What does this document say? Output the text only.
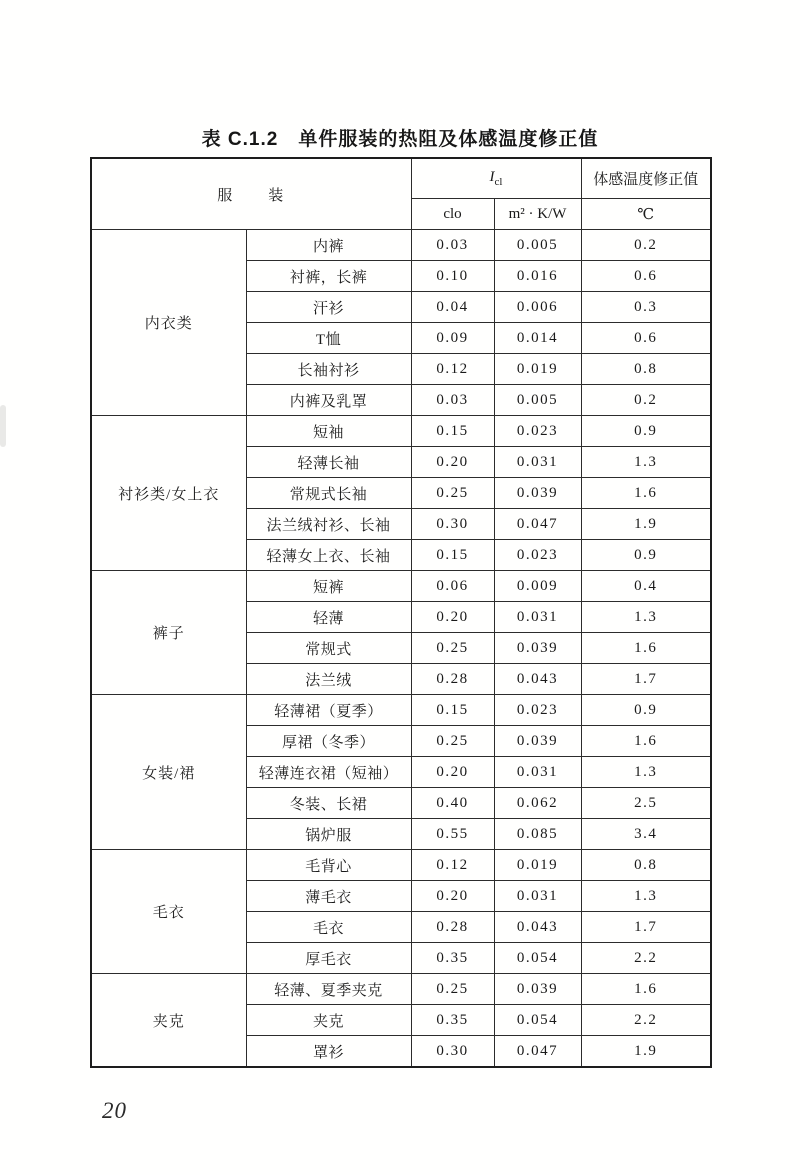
表 C.1.2　单件服装的热阻及体感温度修正值
服　　装		$I_{cl}$		体感温度修正值
		clo	m² · K/W	℃
内衣类	内裤	0.03	0.005	0.2
	衬裤，长裤	0.10	0.016	0.6
	汗衫	0.04	0.006	0.3
	T恤	0.09	0.014	0.6
	长袖衬衫	0.12	0.019	0.8
	内裤及乳罩	0.03	0.005	0.2
衬衫类/女上衣	短袖	0.15	0.023	0.9
	轻薄长袖	0.20	0.031	1.3
	常规式长袖	0.25	0.039	1.6
	法兰绒衬衫、长袖	0.30	0.047	1.9
	轻薄女上衣、长袖	0.15	0.023	0.9
裤子	短裤	0.06	0.009	0.4
	轻薄	0.20	0.031	1.3
	常规式	0.25	0.039	1.6
	法兰绒	0.28	0.043	1.7
女装/裙	轻薄裙（夏季）	0.15	0.023	0.9
	厚裙（冬季）	0.25	0.039	1.6
	轻薄连衣裙（短袖）	0.20	0.031	1.3
	冬装、长裙	0.40	0.062	2.5
	锅炉服	0.55	0.085	3.4
毛衣	毛背心	0.12	0.019	0.8
	薄毛衣	0.20	0.031	1.3
	毛衣	0.28	0.043	1.7
	厚毛衣	0.35	0.054	2.2
夹克	轻薄、夏季夹克	0.25	0.039	1.6
	夹克	0.35	0.054	2.2
	罩衫	0.30	0.047	1.9
20
